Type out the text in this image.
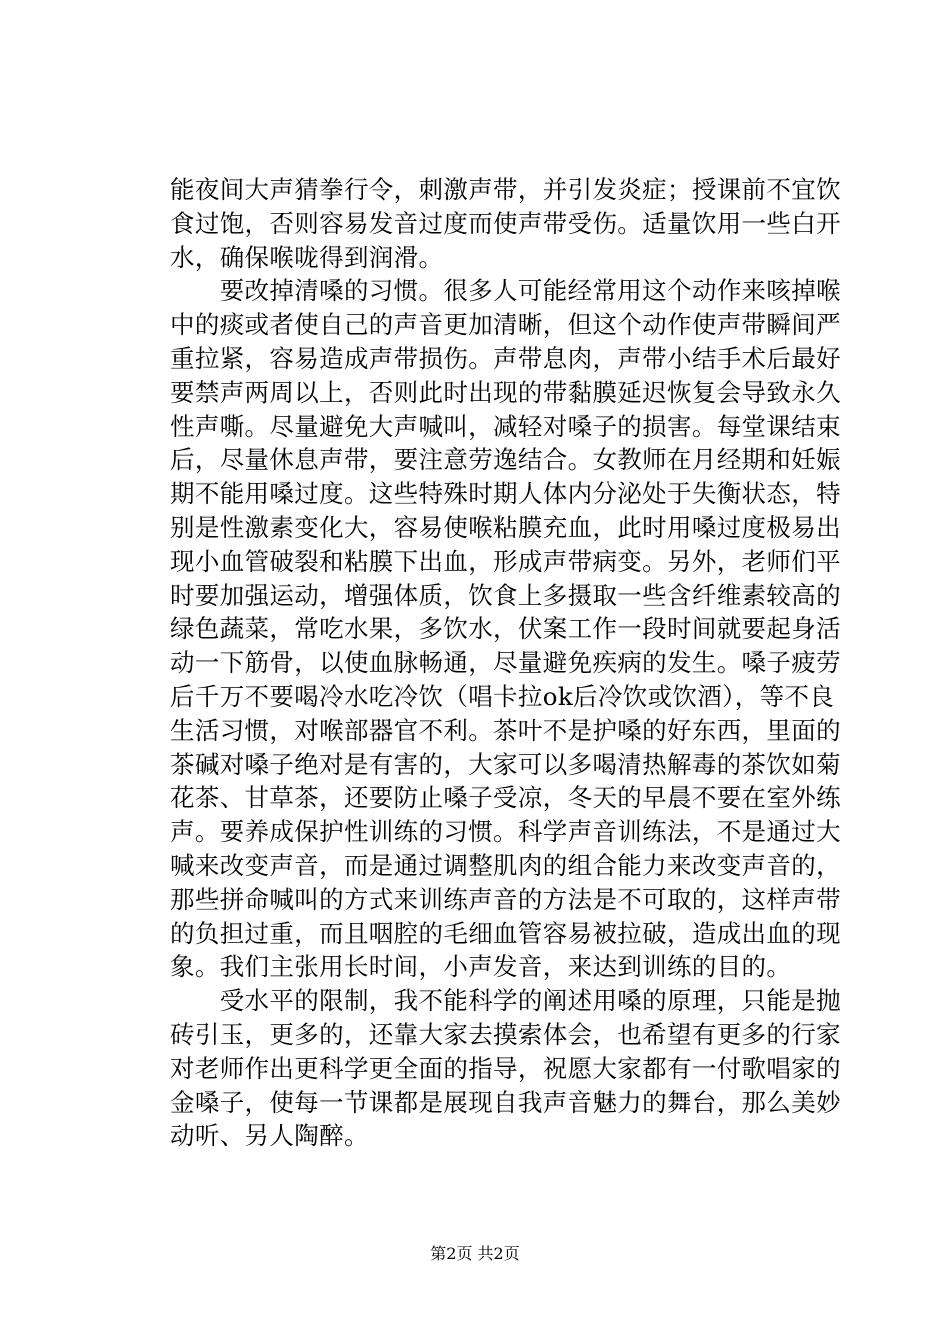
能夜间大声猜拳行令，刺激声带，并引发炎症；授课前不宜饮
食过饱，否则容易发音过度而使声带受伤。适量饮用一些白开
水，确保喉咙得到润滑。
　　要改掉清嗓的习惯。很多人可能经常用这个动作来咳掉喉
中的痰或者使自己的声音更加清晰，但这个动作使声带瞬间严
重拉紧，容易造成声带损伤。声带息肉，声带小结手术后最好
要禁声两周以上，否则此时出现的带黏膜延迟恢复会导致永久
性声嘶。尽量避免大声喊叫，减轻对嗓子的损害。每堂课结束
后，尽量休息声带，要注意劳逸结合。女教师在月经期和妊娠
期不能用嗓过度。这些特殊时期人体内分泌处于失衡状态，特
别是性激素变化大，容易使喉粘膜充血，此时用嗓过度极易出
现小血管破裂和粘膜下出血，形成声带病变。另外，老师们平
时要加强运动，增强体质，饮食上多摄取一些含纤维素较高的
绿色蔬菜，常吃水果，多饮水，伏案工作一段时间就要起身活
动一下筋骨，以使血脉畅通，尽量避免疾病的发生。嗓子疲劳
后千万不要喝冷水吃冷饮（唱卡拉ok后冷饮或饮酒），等不良
生活习惯，对喉部器官不利。茶叶不是护嗓的好东西，里面的
茶碱对嗓子绝对是有害的，大家可以多喝清热解毒的茶饮如菊
花茶、甘草茶，还要防止嗓子受凉，冬天的早晨不要在室外练
声。要养成保护性训练的习惯。科学声音训练法，不是通过大
喊来改变声音，而是通过调整肌肉的组合能力来改变声音的，
那些拼命喊叫的方式来训练声音的方法是不可取的，这样声带
的负担过重，而且咽腔的毛细血管容易被拉破，造成出血的现
象。我们主张用长时间，小声发音，来达到训练的目的。
　　受水平的限制，我不能科学的阐述用嗓的原理，只能是抛
砖引玉，更多的，还靠大家去摸索体会，也希望有更多的行家
对老师作出更科学更全面的指导，祝愿大家都有一付歌唱家的
金嗓子，使每一节课都是展现自我声音魅力的舞台，那么美妙
动听、另人陶醉。
第2页 共2页
